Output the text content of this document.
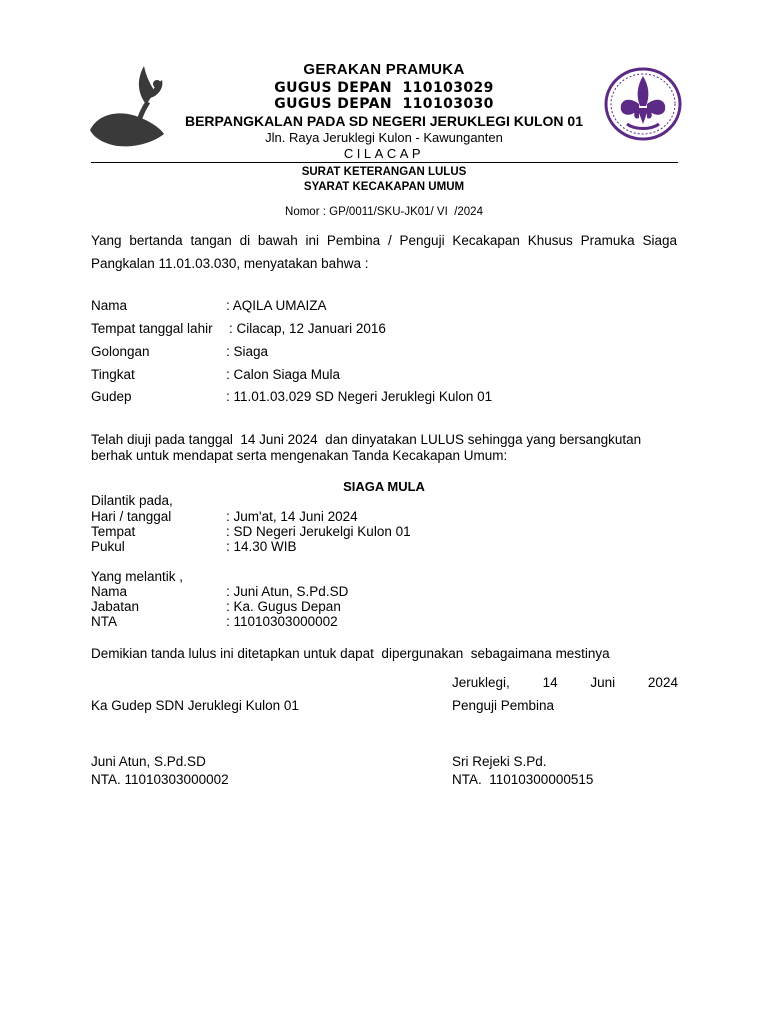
GERAKAN PRAMUKA
GUGUS DEPAN  110103029
GUGUS DEPAN  110103030
BERPANGKALAN PADA SD NEGERI JERUKLEGI KULON 01
Jln. Raya Jeruklegi Kulon - Kawunganten
CILACAP
SURAT KETERANGAN LULUS
SYARAT KECAKAPAN UMUM
Nomor : GP/0011/SKU-JK01/ VI  /2024
Yang bertanda tangan di bawah ini Pembina / Penguji Kecakapan Khusus Pramuka Siaga Pangkalan 11.01.03.030, menyatakan bahwa :
Nama	: AQILA UMAIZA
Tempat tanggal lahir : Cilacap, 12 Januari 2016
Golongan	: Siaga
Tingkat	: Calon Siaga Mula
Gudep	: 11.01.03.029 SD Negeri Jeruklegi Kulon 01
Telah diuji pada tanggal  14 Juni 2024  dan dinyatakan LULUS sehingga yang bersangkutan berhak untuk mendapat serta mengenakan Tanda Kecakapan Umum:
SIAGA MULA
Dilantik pada,
Hari / tanggal	: Jum'at, 14 Juni 2024
Tempat	: SD Negeri Jerukelgi Kulon 01
Pukul	: 14.30 WIB
Yang melantik ,
Nama	: Juni Atun, S.Pd.SD
Jabatan	: Ka. Gugus Depan
NTA	: 11010303000002
Demikian tanda lulus ini ditetapkan untuk dapat  dipergunakan  sebagaimana mestinya
Jeruklegi, 14 Juni 2024
Ka Gudep SDN Jeruklegi Kulon 01	Penguji Pembina
Juni Atun, S.Pd.SD	Sri Rejeki S.Pd.
NTA. 11010303000002	NTA.  11010300000515
